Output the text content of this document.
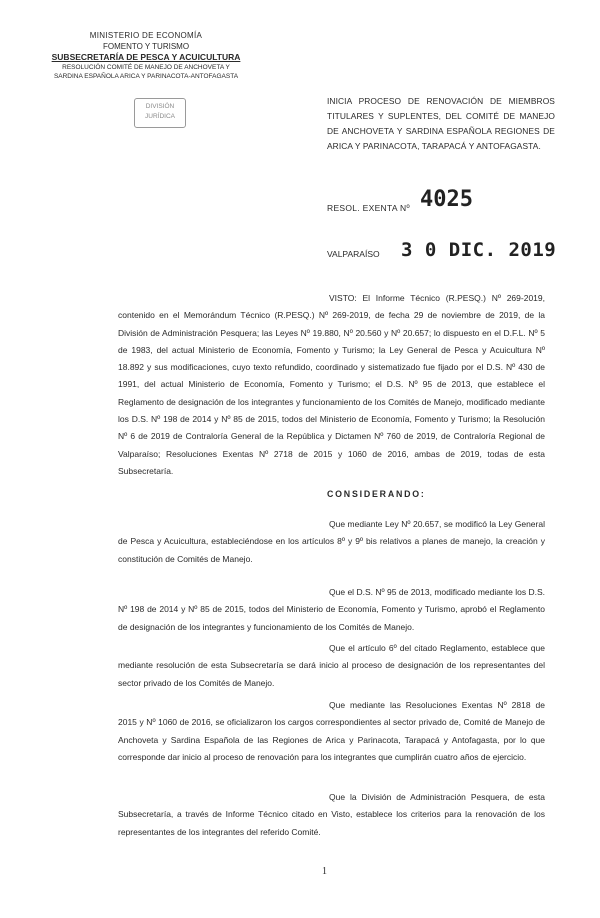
MINISTERIO DE ECONOMÍA
FOMENTO Y TURISMO
SUBSECRETARÍA DE PESCA Y ACUICULTURA
RESOLUCIÓN COMITÉ DE MANEJO DE ANCHOVETA Y
SARDINA ESPAÑOLA ARICA Y PARINACOTA-ANTOFAGASTA
DIVISIÓN
JURÍDICA
INICIA PROCESO DE RENOVACIÓN DE MIEMBROS TITULARES Y SUPLENTES, DEL COMITÉ DE MANEJO DE ANCHOVETA Y SARDINA ESPAÑOLA REGIONES DE ARICA Y PARINACOTA, TARAPACÁ Y ANTOFAGASTA.
RESOL. EXENTA Nº 4025
VALPARAÍSO 3 0 DIC. 2019
VISTO: El Informe Técnico (R.PESQ.) Nº 269-2019, contenido en el Memorándum Técnico (R.PESQ.) Nº 269-2019, de fecha 29 de noviembre de 2019, de la División de Administración Pesquera; las Leyes Nº 19.880, Nº 20.560 y Nº 20.657; lo dispuesto en el D.F.L. Nº 5 de 1983, del actual Ministerio de Economía, Fomento y Turismo; la Ley General de Pesca y Acuicultura Nº 18.892 y sus modificaciones, cuyo texto refundido, coordinado y sistematizado fue fijado por el D.S. Nº 430 de 1991, del actual Ministerio de Economía, Fomento y Turismo; el D.S. Nº 95 de 2013, que establece el Reglamento de designación de los integrantes y funcionamiento de los Comités de Manejo, modificado mediante los D.S. Nº 198 de 2014 y Nº 85 de 2015, todos del Ministerio de Economía, Fomento y Turismo; la Resolución Nº 6 de 2019 de Contraloría General de la República y Dictamen Nº 760 de 2019, de Contraloría Regional de Valparaíso; Resoluciones Exentas Nº 2718 de 2015 y 1060 de 2016, ambas de 2019, todas de esta Subsecretaría.
CONSIDERANDO:
Que mediante Ley Nº 20.657, se modificó la Ley General de Pesca y Acuicultura, estableciéndose en los artículos 8º y 9º bis relativos a planes de manejo, la creación y constitución de Comités de Manejo.
Que el D.S. Nº 95 de 2013, modificado mediante los D.S. Nº 198 de 2014 y Nº 85 de 2015, todos del Ministerio de Economía, Fomento y Turismo, aprobó el Reglamento de designación de los integrantes y funcionamiento de los Comités de Manejo.
Que el artículo 6º del citado Reglamento, establece que mediante resolución de esta Subsecretaría se dará inicio al proceso de designación de los representantes del sector privado de los Comités de Manejo.
Que mediante las Resoluciones Exentas Nº 2818 de 2015 y Nº 1060 de 2016, se oficializaron los cargos correspondientes al sector privado de, Comité de Manejo de Anchoveta y Sardina Española de las Regiones de Arica y Parinacota, Tarapacá y Antofagasta, por lo que corresponde dar inicio al proceso de renovación para los integrantes que cumplirán cuatro años de ejercicio.
Que la División de Administración Pesquera, de esta Subsecretaría, a través de Informe Técnico citado en Visto, establece los criterios para la renovación de los representantes de los integrantes del referido Comité.
1
